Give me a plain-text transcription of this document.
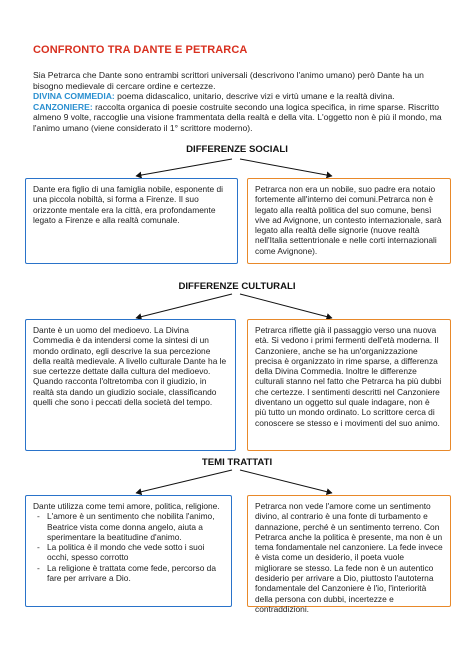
CONFRONTO TRA DANTE E PETRARCA

Sia Petrarca che Dante sono entrambi scrittori universali (descrivono l'animo umano) però Dante ha un bisogno medievale di cercare ordine e certezze.

DIVINA COMMEDIA: poema didascalico, unitario, descrive vizi e virtù umane e la realtà divina.

CANZONIERE: raccolta organica di poesie costruite secondo una logica specifica, in rime sparse. Riscritto almeno 9 volte, raccoglie una visione frammentata della realtà e della vita. L'oggetto non è più il mondo, ma l'animo umano (viene considerato il 1° scrittore moderno).

DIFFERENZE SOCIALI

Dante era figlio di una famiglia nobile, esponente di una piccola nobiltà, si forma a Firenze. Il suo orizzonte mentale era la città, era profondamente legato a Firenze e alla realtà comunale.

Petrarca non era un nobile, suo padre era notaio fortemente all'interno dei comuni.Petrarca non è legato alla realtà politica del suo comune, bensì vive ad Avignone, un contesto internazionale, sarà legato alla realtà delle signorie (nuove realtà nell'Italia settentrionale e nelle corti internazionali come Avignone).

DIFFERENZE CULTURALI

Dante è un uomo del medioevo. La Divina Commedia è da intendersi come la sintesi di un mondo ordinato, egli descrive la sua percezione della realtà medievale. A livello culturale Dante ha le sue certezze dettate dalla cultura del medioevo. Quando racconta l'oltretomba con il giudizio, in realtà sta dando un giudizio sociale, classificando quelli che sono i peccati della società del tempo.

Petrarca riflette già il passaggio verso una nuova età. Si vedono i primi fermenti dell'età moderna. Il Canzoniere, anche se ha un'organizzazione precisa è organizzato in rime sparse, a differenza della Divina Commedia. Inoltre le differenze culturali stanno nel fatto che Petrarca ha più dubbi che certezze. I sentimenti descritti nel Canzoniere diventano un oggetto sul quale indagare, non è più tutto un mondo ordinato. Lo scrittore cerca di conoscere se stesso e i movimenti del suo animo.

TEMI TRATTATI

Dante utilizza come temi amore, politica, religione.

- L'amore è un sentimento che nobilita l'animo, Beatrice vista come donna angelo, aiuta a sperimentare la beatitudine d'animo.
- La politica è il mondo che vede sotto i suoi occhi, spesso corrotto
- La religione è trattata come fede, percorso da fare per arrivare a Dio.

Petrarca non vede l'amore come un sentimento divino, al contrario è una fonte di turbamento e dannazione, perché è un sentimento terreno. Con Petrarca anche la politica è presente, ma non è un tema fondamentale nel canzoniere. La fede invece è vista come un desiderio, il poeta vuole migliorare se stesso. La fede non è un autentico desiderio per arrivare a Dio, piuttosto l'autoterna fondamentale del Canzoniere è l'io, l'interiorità della persona con dubbi, incertezze e contraddizioni.
